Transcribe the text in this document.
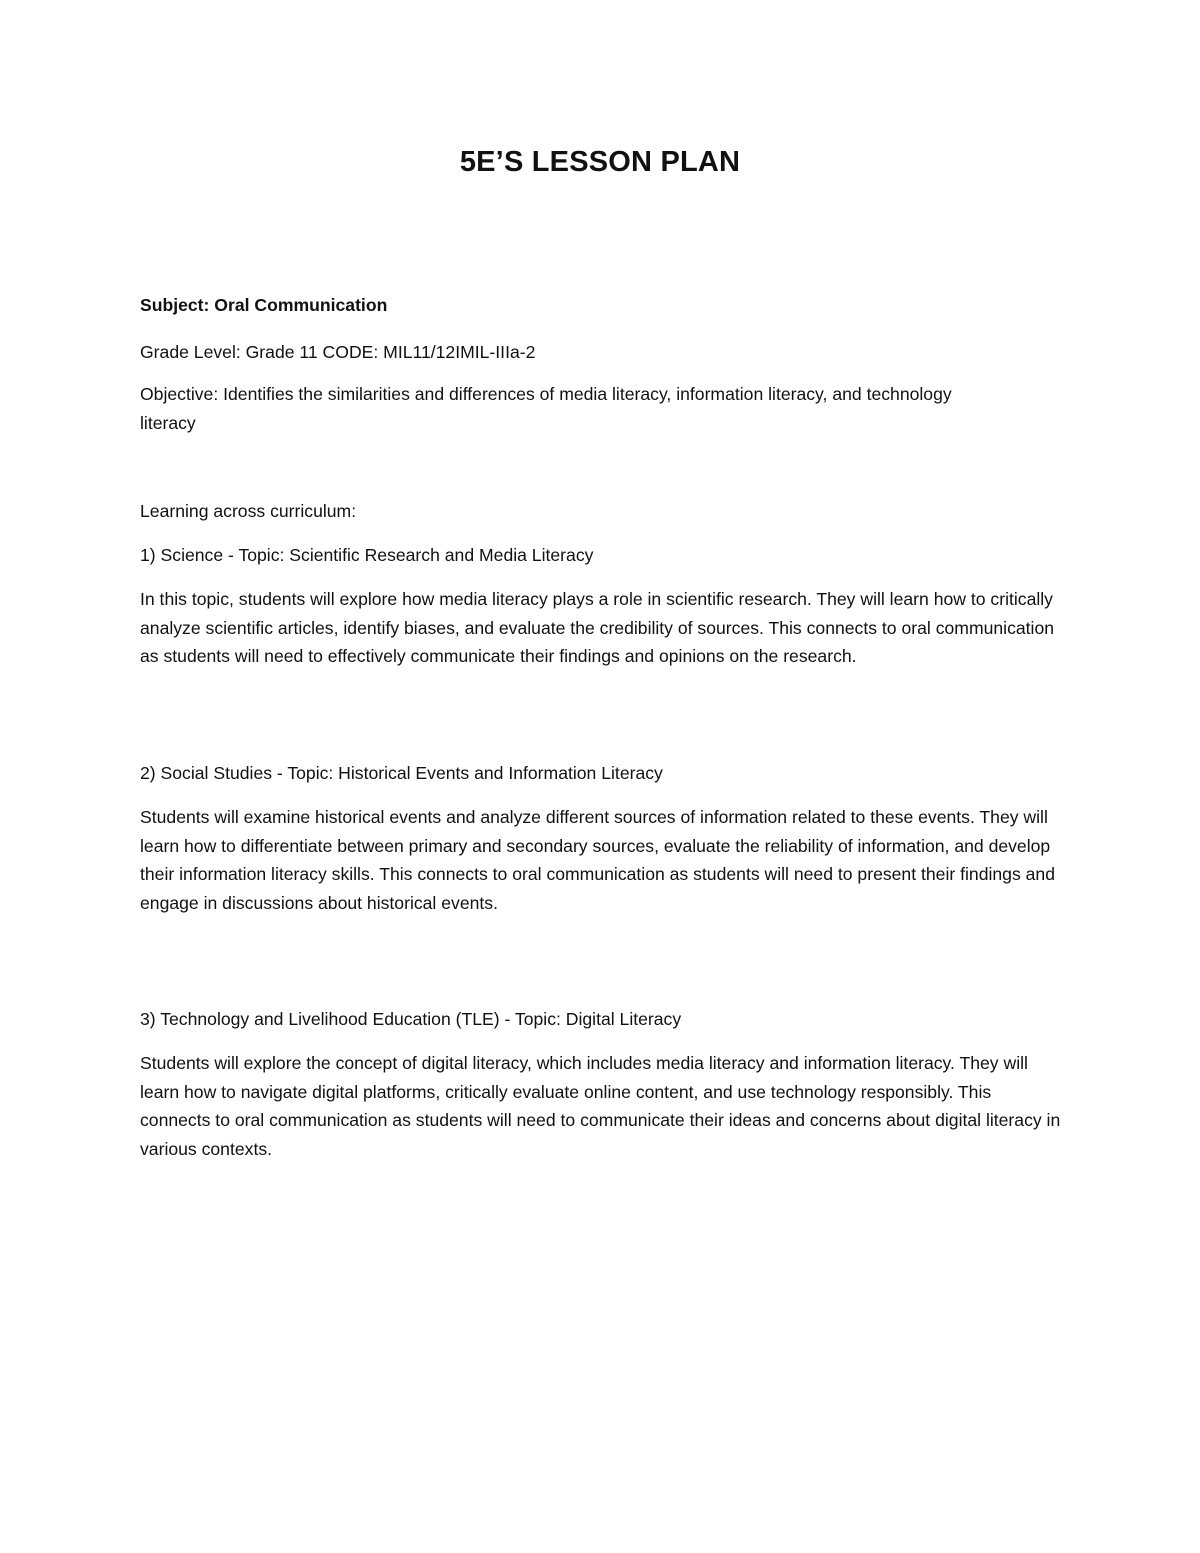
5E’S LESSON PLAN

Subject: Oral Communication

Grade Level: Grade 11 CODE: MIL11/12IMIL-IIIa-2

Objective: Identifies the similarities and differences of media literacy, information literacy, and technology literacy

Learning across curriculum:

1) Science - Topic: Scientific Research and Media Literacy

In this topic, students will explore how media literacy plays a role in scientific research. They will learn how to critically analyze scientific articles, identify biases, and evaluate the credibility of sources. This connects to oral communication as students will need to effectively communicate their findings and opinions on the research.

2) Social Studies - Topic: Historical Events and Information Literacy

Students will examine historical events and analyze different sources of information related to these events. They will learn how to differentiate between primary and secondary sources, evaluate the reliability of information, and develop their information literacy skills. This connects to oral communication as students will need to present their findings and engage in discussions about historical events.

3) Technology and Livelihood Education (TLE) - Topic: Digital Literacy

Students will explore the concept of digital literacy, which includes media literacy and information literacy. They will learn how to navigate digital platforms, critically evaluate online content, and use technology responsibly. This connects to oral communication as students will need to communicate their ideas and concerns about digital literacy in various contexts.
